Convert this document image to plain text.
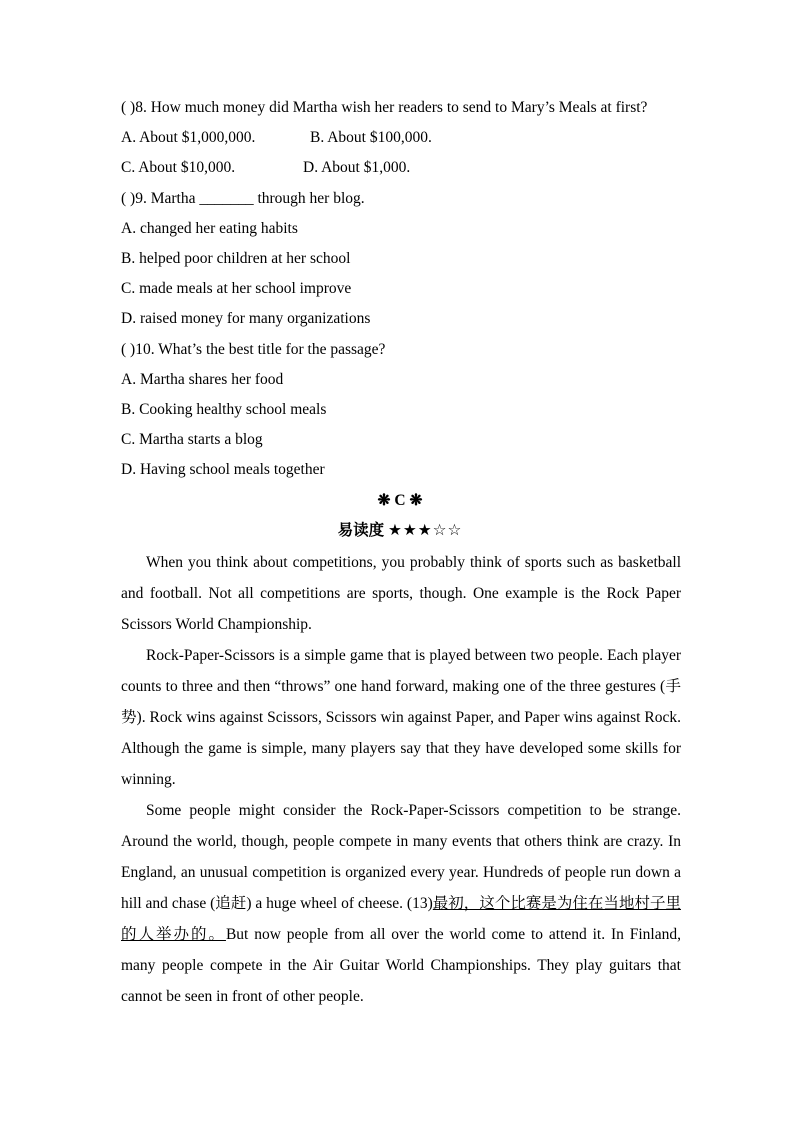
( )8. How much money did Martha wish her readers to send to Mary’s Meals at first?
A. About $1,000,000.	B. About $100,000.
C. About $10,000.	D. About $1,000.
( )9. Martha _______ through her blog.
A. changed her eating habits
B. helped poor children at her school
C. made meals at her school improve
D. raised money for many organizations
( )10. What’s the best title for the passage?
A. Martha shares her food
B. Cooking healthy school meals
C. Martha starts a blog
D. Having school meals together
❋ C ❋
易读度 ★★★☆☆
When you think about competitions, you probably think of sports such as basketball and football. Not all competitions are sports, though. One example is the Rock Paper Scissors World Championship.
Rock-Paper-Scissors is a simple game that is played between two people. Each player counts to three and then “throws” one hand forward, making one of the three gestures (手势). Rock wins against Scissors, Scissors win against Paper, and Paper wins against Rock. Although the game is simple, many players say that they have developed some skills for winning.
Some people might consider the Rock-Paper-Scissors competition to be strange. Around the world, though, people compete in many events that others think are crazy. In England, an unusual competition is organized every year. Hundreds of people run down a hill and chase (追赶) a huge wheel of cheese. (13)最初，这个比赛是为住在当地村子里的人举办的。But now people from all over the world come to attend it. In Finland, many people compete in the Air Guitar World Championships. They play guitars that cannot be seen in front of other people.
